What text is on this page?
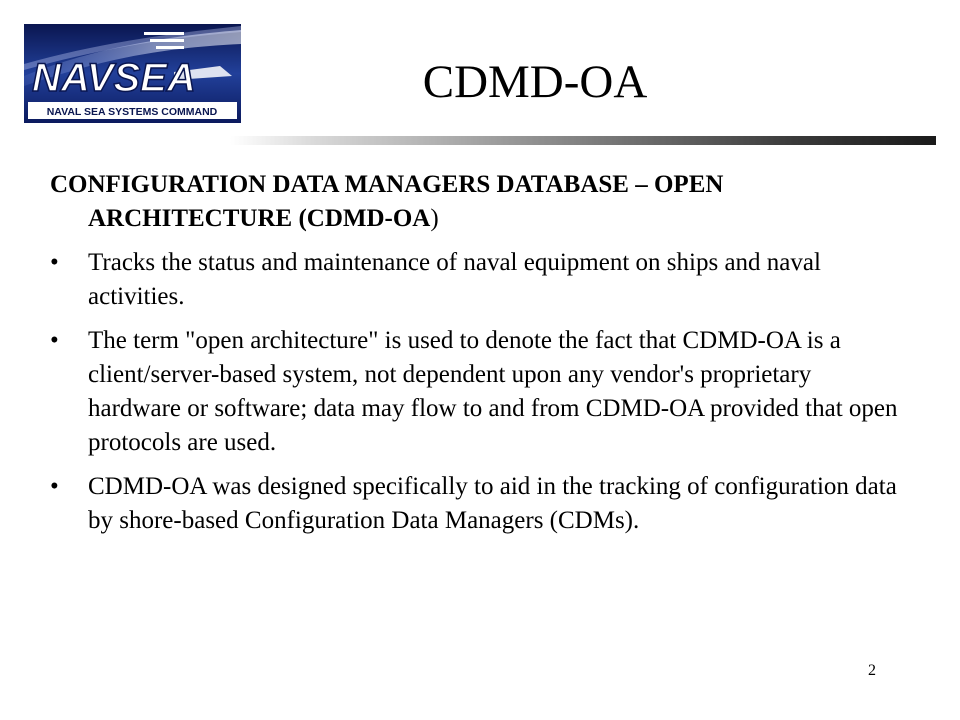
NAVSEA
NAVAL SEA SYSTEMS COMMAND
CDMD-OA

CONFIGURATION DATA MANAGERS DATABASE – OPEN ARCHITECTURE (CDMD-OA)

• Tracks the status and maintenance of naval equipment on ships and naval activities.

• The term "open architecture" is used to denote the fact that CDMD-OA is a client/server-based system, not dependent upon any vendor's proprietary hardware or software; data may flow to and from CDMD-OA provided that open protocols are used.

• CDMD-OA was designed specifically to aid in the tracking of configuration data by shore-based Configuration Data Managers (CDMs).

2
